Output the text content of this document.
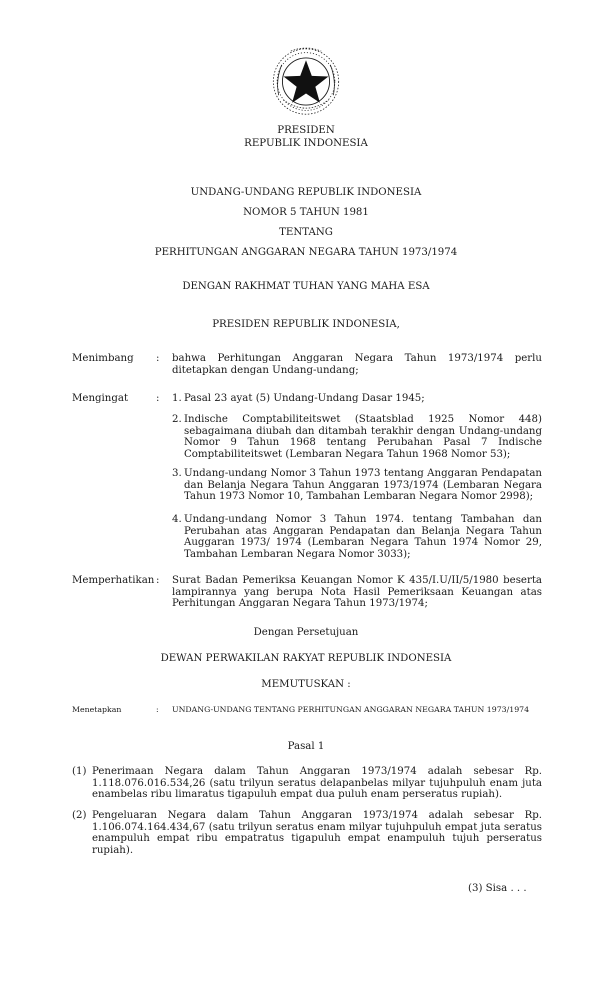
PRESIDEN
REPUBLIK INDONESIA
UNDANG-UNDANG REPUBLIK INDONESIA
NOMOR 5 TAHUN 1981
TENTANG
PERHITUNGAN ANGGARAN NEGARA TAHUN 1973/1974
DENGAN RAKHMAT TUHAN YANG MAHA ESA
PRESIDEN REPUBLIK INDONESIA,
Menimbang : bahwa Perhitungan Anggaran Negara Tahun 1973/1974 perlu ditetapkan dengan Undang-undang;
Mengingat	: 1. Pasal 23 ayat (5) Undang-Undang Dasar 1945;
2. Indische Comptabiliteitswet (Staatsblad 1925 Nomor 448) sebagaimana diubah dan ditambah terakhir dengan Undang-undang Nomor 9 Tahun 1968 tentang Perubahan Pasal 7 Indische Comptabiliteitswet (Lembaran Negara Tahun 1968 Nomor 53);
3. Undang-undang Nomor 3 Tahun 1973 tentang Anggaran Pendapatan dan Belanja Negara Tahun Anggaran 1973/1974 (Lembaran Negara Tahun 1973 Nomor 10, Tambahan Lembaran Negara Nomor 2998);
4. Undang-undang Nomor 3 Tahun 1974. tentang Tambahan dan Perubahan atas Anggaran Pendapatan dan Belanja Negara Tahun Auggaran 1973/ 1974 (Lembaran Negara Tahun 1974 Nomor 29, Tambahan Lembaran Negara Nomor 3033);
Memperhatikan : Surat Badan Pemeriksa Keuangan Nomor K 435/I.U/II/5/1980 beserta lampirannya yang berupa Nota Hasil Pemeriksaan Keuangan atas Perhitungan Anggaran Negara Tahun 1973/1974;
Dengan Persetujuan
DEWAN PERWAKILAN RAKYAT REPUBLIK INDONESIA
MEMUTUSKAN :
Menetapkan	: UNDANG-UNDANG TENTANG PERHITUNGAN ANGGARAN NEGARA TAHUN 1973/1974
Pasal 1
(1) Penerimaan Negara dalam Tahun Anggaran 1973/1974 adalah sebesar Rp. 1.118.076.016.534,26 (satu trilyun seratus delapanbelas milyar tujuhpuluh enam juta enambelas ribu limaratus tigapuluh empat dua puluh enam perseratus rupiah).
(2) Pengeluaran Negara dalam Tahun Anggaran 1973/1974 adalah sebesar Rp. 1.106.074.164.434,67 (satu trilyun seratus enam milyar tujuhpuluh empat juta seratus enampuluh empat ribu empatratus tigapuluh empat enampuluh tujuh perseratus rupiah).
(3) Sisa . . .
